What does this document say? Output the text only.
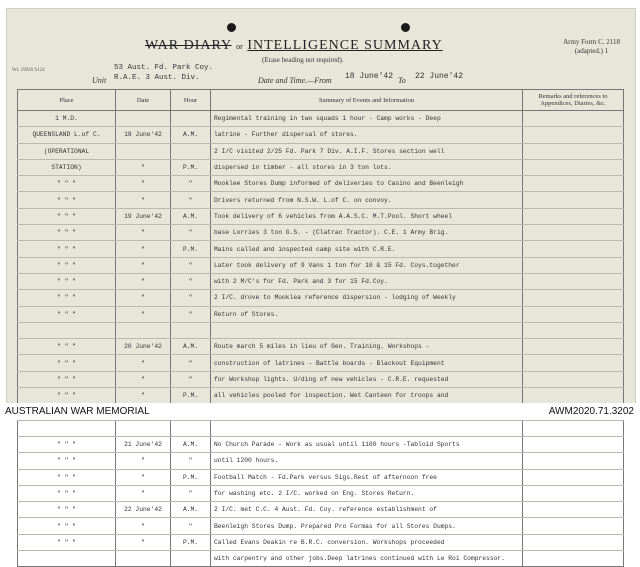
WAR DIARY or INTELLIGENCE SUMMARY
(Erase heading not required).
Army Form C. 2118
(adapted.) 1
Wt. 19920 S124
Unit
53 Aust. Fd. Park Coy.
R.A.E. 3 Aust. Div.	Date and Time.—From 18 June'42 To 22 June'42
Place	Date	Hour	Summary of Events and Information	Remarks and references to Appendices, Diaries, &c.
1 M.D.			Regimental training in two squads 1 hour - Camp works - Deep	
QUEENSLAND L.of C.	18 June'42	A.M.	latrine - Further dispersal of stores.	
(OPERATIONAL			2 I/C visited 2/25 Fd. Park 7 Div. A.I.F. Stores section well	
STATION)	"	P.M.	dispersed in timber - all stores in 3 ton lots.	
" " "	"	"	Mooklee Stores Dump informed of deliveries to Casino and Beenleigh	
" " "	"	"	Drivers returned from N.S.W. L.of C. on convoy.	
" " "	19 June'42	A.M.	Took delivery of 6 vehicles from A.A.S.C. M.T.Pool. Short wheel	
" " "	"	"	base Lorries 3 ton G.S. - (Clatrac Tractor). C.E. 1 Army Brig.	
" " "	"	P.M.	Mains called and inspected camp site with C.R.E.	
" " "	"	"	Later took delivery of 9 Vans 1 ton for 10 & 15 Fd. Coys.together	
" " "	"	"	with 2 M/C's for Fd. Park and 3 for 15 Fd.Coy.	
" " "	"	"	2 I/C. drove to Mooklea reference dispersion - lodging of Weekly	
" " "	"	"	Return of Stores.	

" " "	20 June'42	A.M.	Route march 5 miles in lieu of Gen. Training. Workshops -	
" " "	"	"	construction of latrines - Battle boards - Blackout Equipment	
" " "	"	"	for Workshop lights. U/ding of new vehicles - C.R.E. requested	
" " "	"	P.M.	all vehicles pooled for inspection. Wet Canteen for troops and	

" " "	21 June'42	A.M.	No Church Parade - Work as usual until 1100 hours -Tabloid Sports	
" " "	"	"	until 1200 hours.	
" " "	"	P.M.	Football Match - Fd.Park versus Sigs.Rest of afternoon free	
" " "	"	"	for washing etc. 2 I/C. worked on Eng. Stores Return.	
" " "	22 June'42	A.M.	2 I/C. met C.C. 4 Aust. Fd. Coy. reference establishment of	
" " "	"	"	Beenleigh Stores Dump. Prepared Pro Formas for all Stores Dumps.	
" " "	"	P.M.	Called Evans Deakin re B.R.C. conversion. Workshops proceeded	
			with carpentry and other jobs.Deep latrines continued with Le Roi Compressor.	
AUSTRALIAN WAR MEMORIAL	AWM2020.71.3202
